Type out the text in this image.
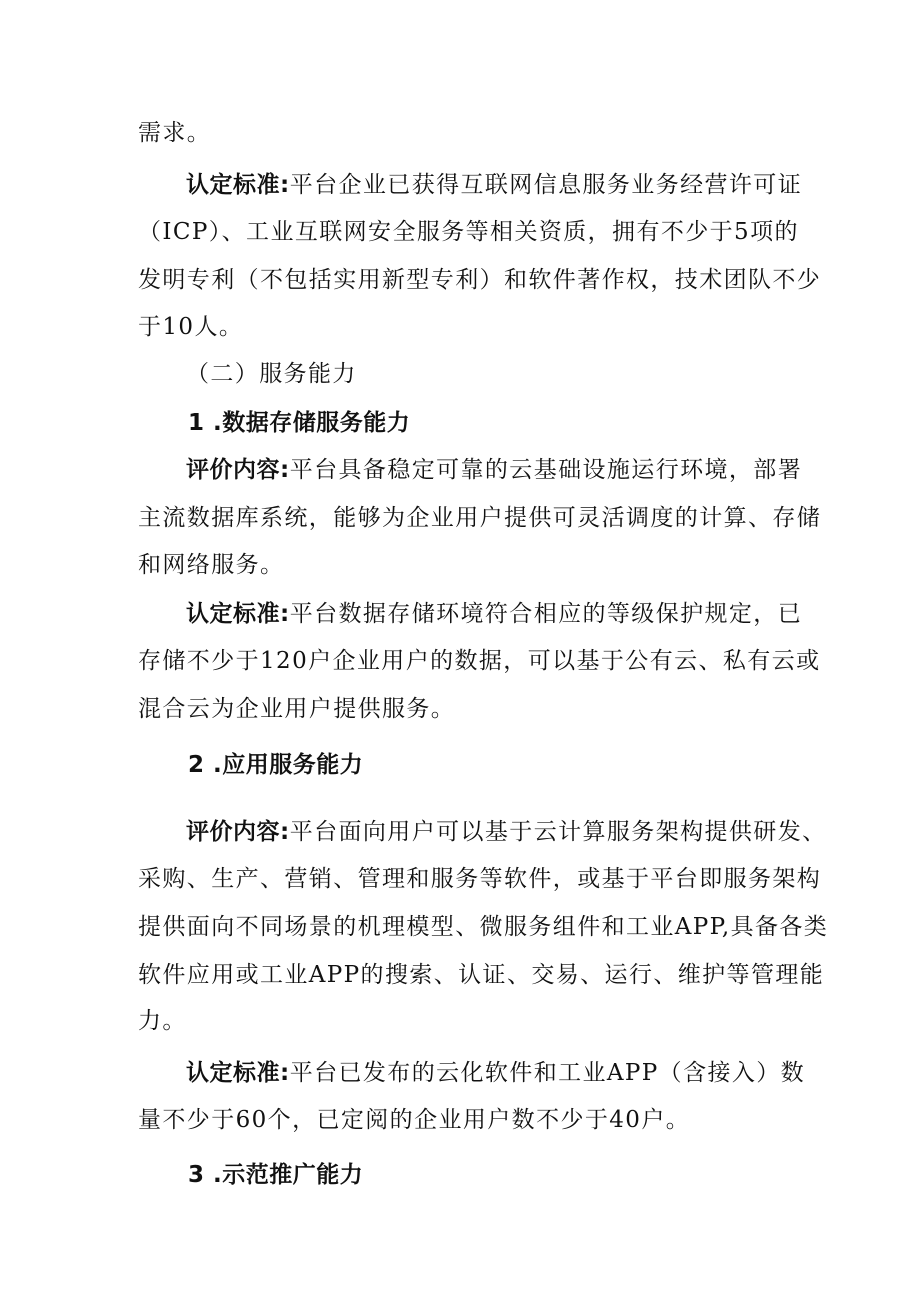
需求。
认定标准:平台企业已获得互联网信息服务业务经营许可证
（ICP）、工业互联网安全服务等相关资质，拥有不少于5项的
发明专利（不包括实用新型专利）和软件著作权，技术团队不少
于10人。
（二）服务能力
1 .数据存储服务能力
评价内容:平台具备稳定可靠的云基础设施运行环境，部署
主流数据库系统，能够为企业用户提供可灵活调度的计算、存储
和网络服务。
认定标准:平台数据存储环境符合相应的等级保护规定，已
存储不少于120户企业用户的数据，可以基于公有云、私有云或
混合云为企业用户提供服务。
2 .应用服务能力
评价内容:平台面向用户可以基于云计算服务架构提供研发、
采购、生产、营销、管理和服务等软件，或基于平台即服务架构
提供面向不同场景的机理模型、微服务组件和工业APP,具备各类
软件应用或工业APP的搜索、认证、交易、运行、维护等管理能
力。
认定标准:平台已发布的云化软件和工业APP（含接入）数
量不少于60个，已定阅的企业用户数不少于40户。
3 .示范推广能力
